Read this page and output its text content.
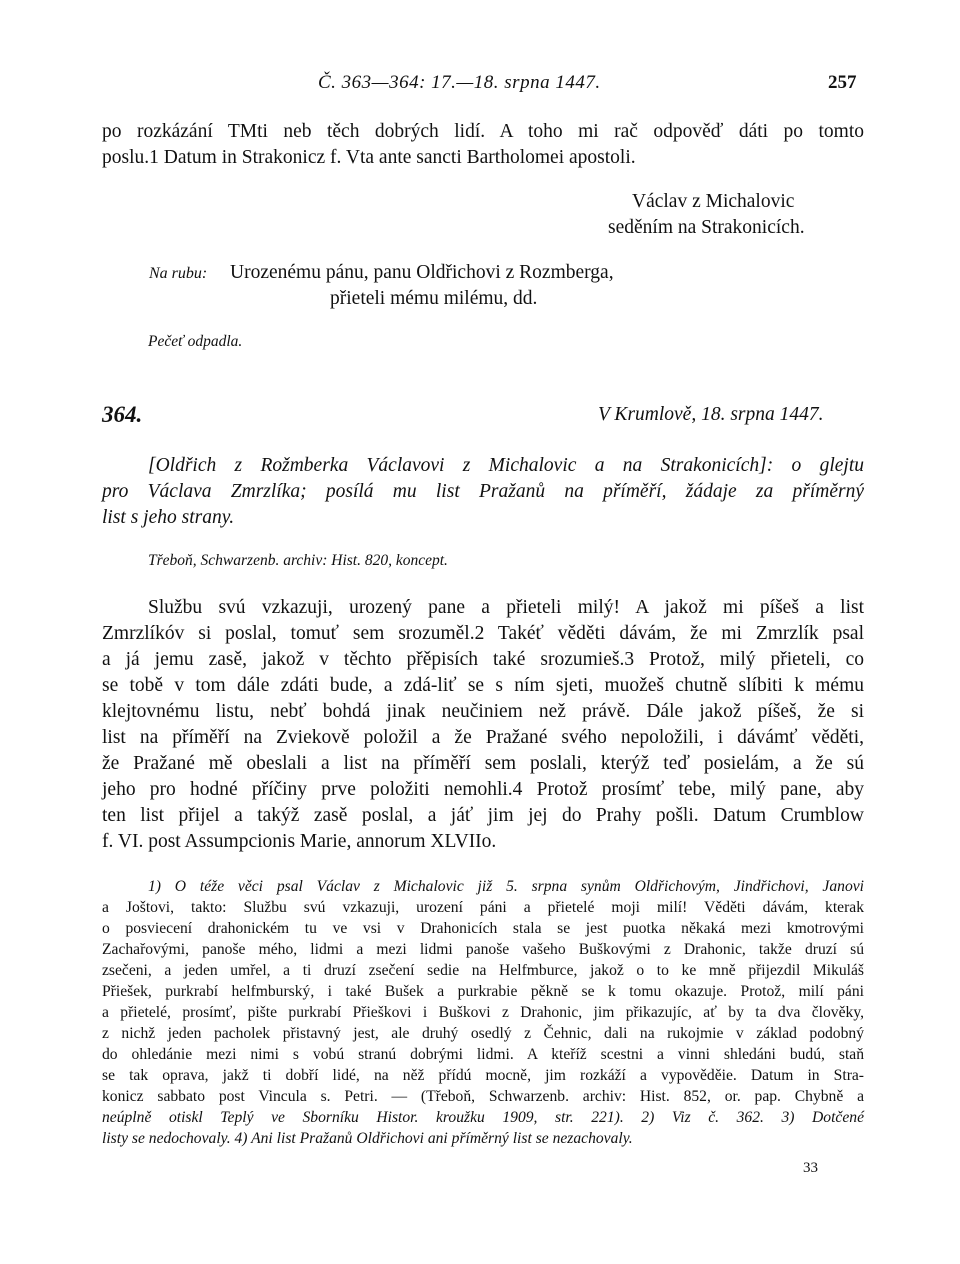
Č. 363—364: 17.—18. srpna 1447.	257
po rozkázání TMti neb těch dobrých lidí. A toho mi rač odpověď dáti po tomto
poslu.1 Datum in Strakonicz f. Vta ante sancti Bartholomei apostoli.
Václav z Michalovic
seděním na Strakonicích.
Na rubu: Urozenému pánu, panu Oldřichovi z Rozmberga,
přieteli mému milému, dd.
Pečeť odpadla.
364.	V Krumlově, 18. srpna 1447.
[Oldřich z Rožmberka Václavovi z Michalovic a na Strakonicích]: o glejtu
pro Václava Zmrzlíka; posílá mu list Pražanů na příměří, žádaje za příměrný
list s jeho strany.
Třeboň, Schwarzenb. archiv: Hist. 820, koncept.
Službu svú vzkazuji, urozený pane a přieteli milý! A jakož mi píšeš a list
Zmrzlíkóv si poslal, tomuť sem srozuměl.2 Takéť věděti dávám, že mi Zmrzlík psal
a já jemu zasě, jakož v těchto přěpisích také srozumieš.3 Protož, milý přieteli, co
se tobě v tom dále zdáti bude, a zdá-liť se s ním sjeti, muožeš chutně slíbiti k mému
klejtovnému listu, nebť bohdá jinak neučiniem než právě. Dále jakož píšeš, že si
list na příměří na Zviekově položil a že Pražané svého nepoložili, i dávámť věděti,
že Pražané mě obeslali a list na příměří sem poslali, kterýž teď posielám, a že sú
jeho pro hodné příčiny prve položiti nemohli.4 Protož prosímť tebe, milý pane, aby
ten list přijel a takýž zasě poslal, a jáť jim jej do Prahy pošli. Datum Crumblow
f. VI. post Assumpcionis Marie, annorum XLVIIo.
1) O téže věci psal Václav z Michalovic již 5. srpna synům Oldřichovým, Jindřichovi, Janovi
a Joštovi, takto: Službu svú vzkazuji, urození páni a přietelé moji milí! Věděti dávám, kterak
o posviecení drahonickém tu ve vsi v Drahonicích stala se jest puotka někaká mezi kmotrovými
Zachařovými, panoše mého, lidmi a mezi lidmi panoše vašeho Buškovými z Drahonic, takže druzí sú
zsečeni, a jeden umřel, a ti druzí zsečení sedie na Helfmburce, jakož o to ke mně přijezdil Mikuláš
Přiešek, purkrabí helfmburský, i také Bušek a purkrabie pěkně se k tomu okazuje. Protož, milí páni
a přietelé, prosímť, pište purkrabí Přieškovi i Buškovi z Drahonic, jim přikazujíc, ať by ta dva člověky,
z nichž jeden pacholek přistavný jest, ale druhý osedlý z Čehnic, dali na rukojmie v základ podobný
do ohledánie mezi nimi s vobú stranú dobrými lidmi. A kteříž scestni a vinni shledáni budú, staň
se tak oprava, jakž ti dobří lidé, na něž přídú mocně, jim rozkáží a vypověděie. Datum in Stra-
konicz sabbato post Vincula s. Petri. — (Třeboň, Schwarzenb. archiv: Hist. 852, or. pap. Chybně a
neúplně otiskl Teplý ve Sborníku Histor. kroužku 1909, str. 221). 2) Viz č. 362. 3) Dotčené
listy se nedochovaly. 4) Ani list Pražanů Oldřichovi ani příměrný list se nezachovaly.
33
